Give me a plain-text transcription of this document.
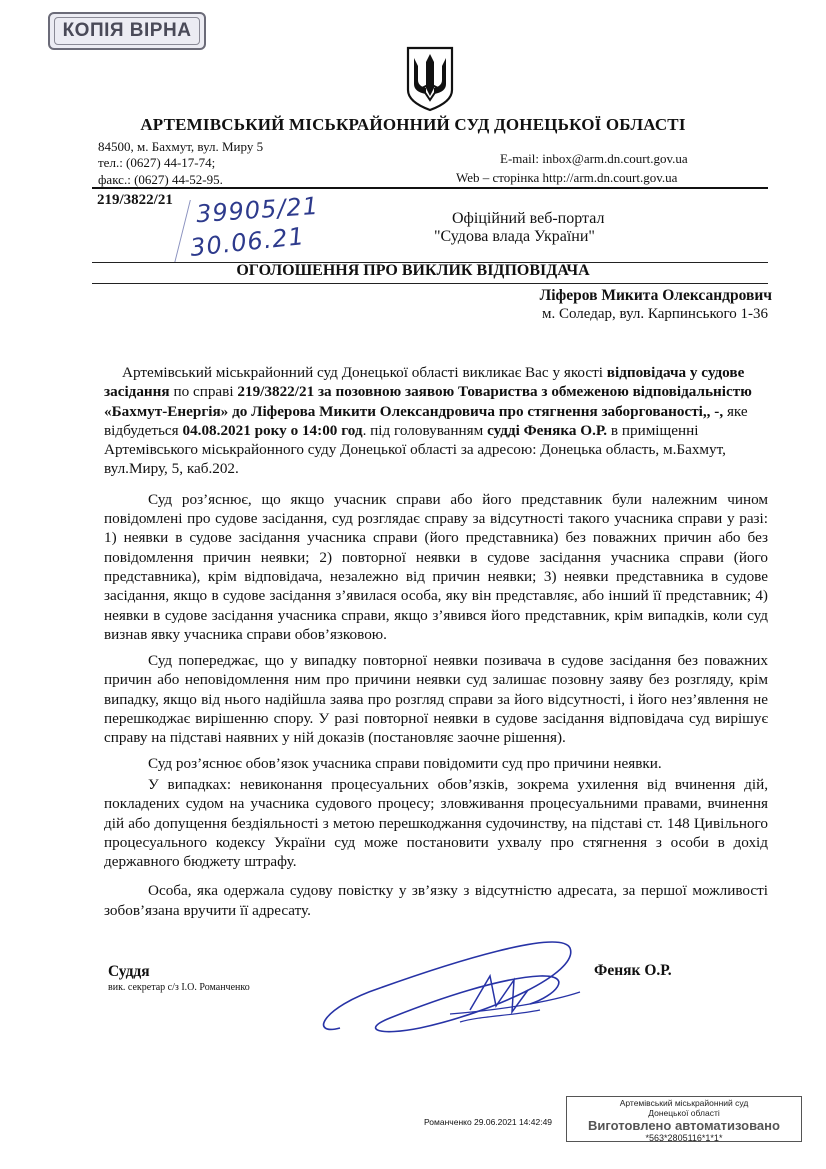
КОПІЯ ВІРНА
АРТЕМІВСЬКИЙ МІСЬКРАЙОННИЙ СУД ДОНЕЦЬКОЇ ОБЛАСТІ
84500, м. Бахмут, вул. Миру 5
тел.: (0627) 44-17-74;
факс.: (0627) 44-52-95.
E-mail: inbox@arm.dn.court.gov.ua
Web – сторінка http://arm.dn.court.gov.ua
219/3822/21 39905/21
30.06.21
Офіційний веб-портал
"Судова влада України"
ОГОЛОШЕННЯ ПРО ВИКЛИК ВІДПОВІДАЧА
Ліферов Микита Олександрович
м. Соледар, вул. Карпинського 1-36

Артемівський міськрайонний суд Донецької області викликає Вас у якості відповідача у судове засідання по справі 219/3822/21 за позовною заявою Товариства з обмеженою відповідальністю «Бахмут-Енергія» до Ліферова Микити Олександровича про стягнення заборгованості,, -, яке відбудеться 04.08.2021 року о 14:00 год. під головуванням судді Феняка О.Р. в приміщенні Артемівського міськрайонного суду Донецької області за адресою: Донецька область, м.Бахмут, вул.Миру, 5, каб.202.

Суд роз’яснює, що якщо учасник справи або його представник були належним чином повідомлені про судове засідання, суд розглядає справу за відсутності такого учасника справи у разі: 1) неявки в судове засідання учасника справи (його представника) без поважних причин або без повідомлення причин неявки; 2) повторної неявки в судове засідання учасника справи (його представника), крім відповідача, незалежно від причин неявки; 3) неявки представника в судове засідання, якщо в судове засідання з’явилася особа, яку він представляє, або інший її представник; 4) неявки в судове засідання учасника справи, якщо з’явився його представник, крім випадків, коли суд визнав явку учасника справи обов’язковою.

Суд попереджає, що у випадку повторної неявки позивача в судове засідання без поважних причин або неповідомлення ним про причини неявки суд залишає позовну заяву без розгляду, крім випадку, якщо від нього надійшла заява про розгляд справи за його відсутності, і його нез’явлення не перешкоджає вирішенню спору. У разі повторної неявки в судове засідання відповідача суд вирішує справу на підставі наявних у ній доказів (постановляє заочне рішення).

Суд роз’яснює обов’язок учасника справи повідомити суд про причини неявки.

У випадках: невиконання процесуальних обов’язків, зокрема ухилення від вчинення дій, покладених судом на учасника судового процесу; зловживання процесуальними правами, вчинення дій або допущення бездіяльності з метою перешкоджання судочинству, на підставі ст. 148 Цивільного процесуального кодексу України суд може постановити ухвалу про стягнення з особи в дохід державного бюджету штрафу.

Особа, яка одержала судову повістку у зв’язку з відсутністю адресата, за першої можливості зобов’язана вручити її адресату.

Суддя
вик. секретар с/з І.О. Романченко
Феняк О.Р.
Романченко 29.06.2021 14:42:49
Артемівський міськрайонний суд
Донецької області
Виготовлено автоматизовано
*563*2805116*1*1*
